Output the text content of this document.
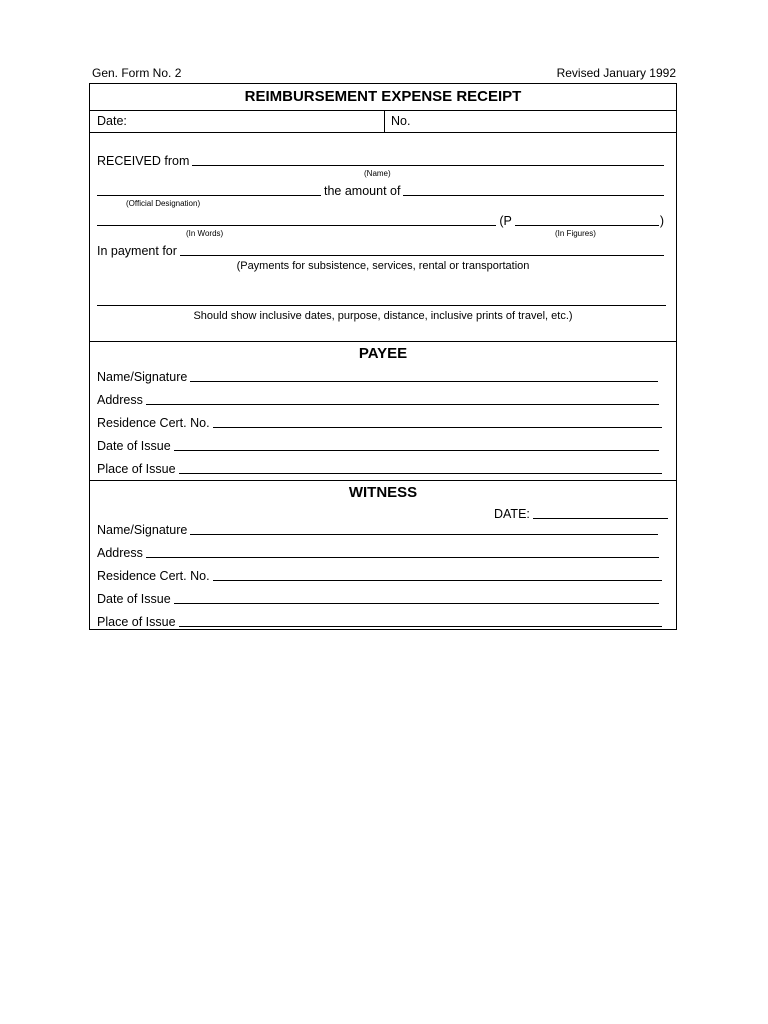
Gen. Form No. 2	Revised January 1992
REIMBURSEMENT EXPENSE RECEIPT
Date:	No.
RECEIVED from
(Name)
the amount of
(Official Designation)
(P	)
(In Words)	(In Figures)
In payment for
(Payments for subsistence, services, rental or transportation
Should show inclusive dates, purpose, distance, inclusive prints of travel, etc.)
PAYEE
Name/Signature
Address
Residence Cert. No.
Date of Issue
Place of Issue
WITNESS
DATE:
Name/Signature
Address
Residence Cert. No.
Date of Issue
Place of Issue
